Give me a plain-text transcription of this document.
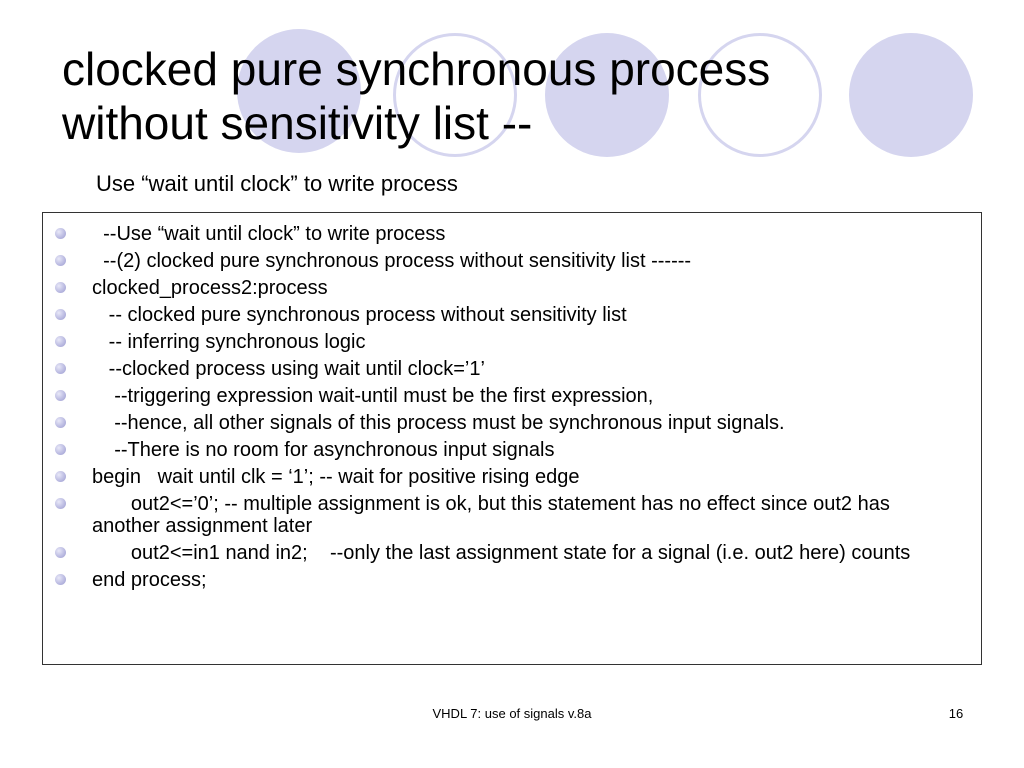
clocked pure synchronous process
without sensitivity list --
Use “wait until clock” to write process
--Use “wait until clock” to write process
--(2) clocked pure synchronous process without sensitivity list ------
clocked_process2:process
-- clocked pure synchronous process without sensitivity list
-- inferring synchronous logic
--clocked process using wait until clock=’1’
--triggering expression wait-until must be the first expression,
--hence, all other signals of this process must be synchronous input signals.
--There is no room for asynchronous input signals
begin   wait until clk = ‘1’; -- wait for positive rising edge
out2<=’0’; -- multiple assignment is ok, but this statement has no effect since out2 has another assignment later
out2<=in1 nand in2;    --only the last assignment state for a signal (i.e. out2 here) counts
end process;
VHDL 7: use of signals v.8a	16
